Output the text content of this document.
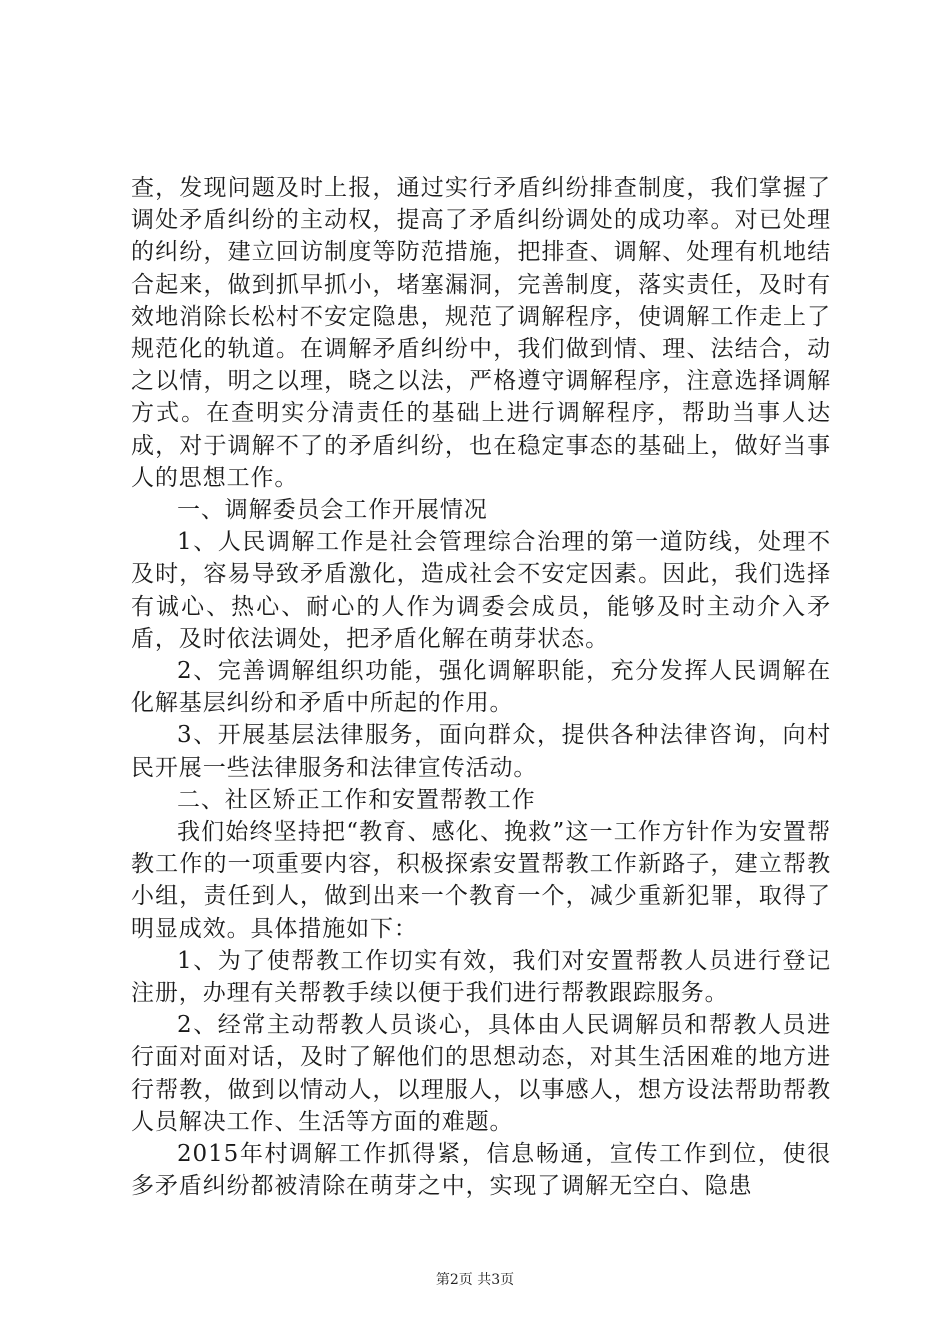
查，发现问题及时上报，通过实行矛盾纠纷排查制度，我们掌握了调处矛盾纠纷的主动权，提高了矛盾纠纷调处的成功率。对已处理的纠纷，建立回访制度等防范措施，把排查、调解、处理有机地结合起来，做到抓早抓小，堵塞漏洞，完善制度，落实责任，及时有效地消除长松村不安定隐患，规范了调解程序，使调解工作走上了规范化的轨道。在调解矛盾纠纷中，我们做到情、理、法结合，动之以情，明之以理，晓之以法，严格遵守调解程序，注意选择调解方式。在查明实分清责任的基础上进行调解程序，帮助当事人达成，对于调解不了的矛盾纠纷，也在稳定事态的基础上，做好当事人的思想工作。

一、调解委员会工作开展情况

1、人民调解工作是社会管理综合治理的第一道防线，处理不及时，容易导致矛盾激化，造成社会不安定因素。因此，我们选择有诚心、热心、耐心的人作为调委会成员，能够及时主动介入矛盾，及时依法调处，把矛盾化解在萌芽状态。

2、完善调解组织功能，强化调解职能，充分发挥人民调解在化解基层纠纷和矛盾中所起的作用。

3、开展基层法律服务，面向群众，提供各种法律咨询，向村民开展一些法律服务和法律宣传活动。

二、社区矫正工作和安置帮教工作

我们始终坚持把“教育、感化、挽救”这一工作方针作为安置帮教工作的一项重要内容，积极探索安置帮教工作新路子，建立帮教小组，责任到人，做到出来一个教育一个，减少重新犯罪，取得了明显成效。具体措施如下：

1、为了使帮教工作切实有效，我们对安置帮教人员进行登记注册，办理有关帮教手续以便于我们进行帮教跟踪服务。

2、经常主动帮教人员谈心，具体由人民调解员和帮教人员进行面对面对话，及时了解他们的思想动态，对其生活困难的地方进行帮教，做到以情动人，以理服人，以事感人，想方设法帮助帮教人员解决工作、生活等方面的难题。

2015年村调解工作抓得紧，信息畅通，宣传工作到位，使很多矛盾纠纷都被清除在萌芽之中，实现了调解无空白、隐患

第2页 共3页
